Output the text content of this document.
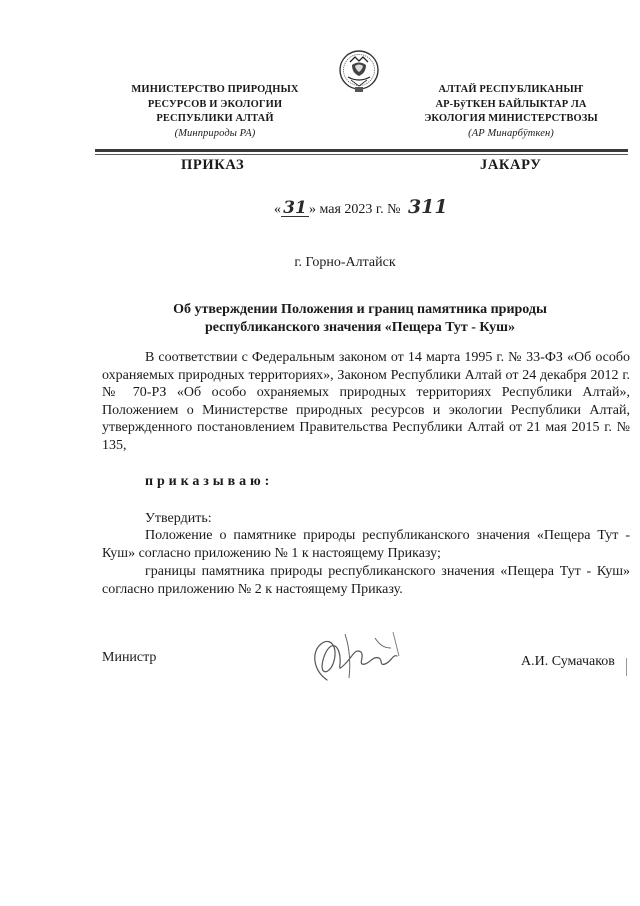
МИНИСТЕРСТВО ПРИРОДНЫХ
РЕСУРСОВ И ЭКОЛОГИИ
РЕСПУБЛИКИ АЛТАЙ
(Минприроды РА)
АЛТАЙ РЕСПУБЛИКАНЫҤ
АР-БÿТКЕН БАЙЛЫКТАР ЛА
ЭКОЛОГИЯ МИНИСТЕРСТВОЗЫ
(АР Минарбÿткен)
ПРИКАЗ	JАКАРУ
« 31 » мая 2023 г. № 311
г. Горно-Алтайск
Об утверждении Положения и границ памятника природы
республиканского значения «Пещера Тут - Куш»
В соответствии с Федеральным законом от 14 марта 1995 г. № 33-ФЗ «Об особо охраняемых природных территориях», Законом Республики Алтай от 24 декабря 2012 г. № 70-РЗ «Об особо охраняемых природных территориях Республики Алтай», Положением о Министерстве природных ресурсов и экологии Республики Алтай, утвержденного постановлением Правительства Республики Алтай от 21 мая 2015 г. № 135,
приказываю:
Утвердить:
Положение о памятнике природы республиканского значения «Пещера Тут - Куш» согласно приложению № 1 к настоящему Приказу;
границы памятника природы республиканского значения «Пещера Тут - Куш» согласно приложению № 2 к настоящему Приказу.
Министр	А.И. Сумачаков
